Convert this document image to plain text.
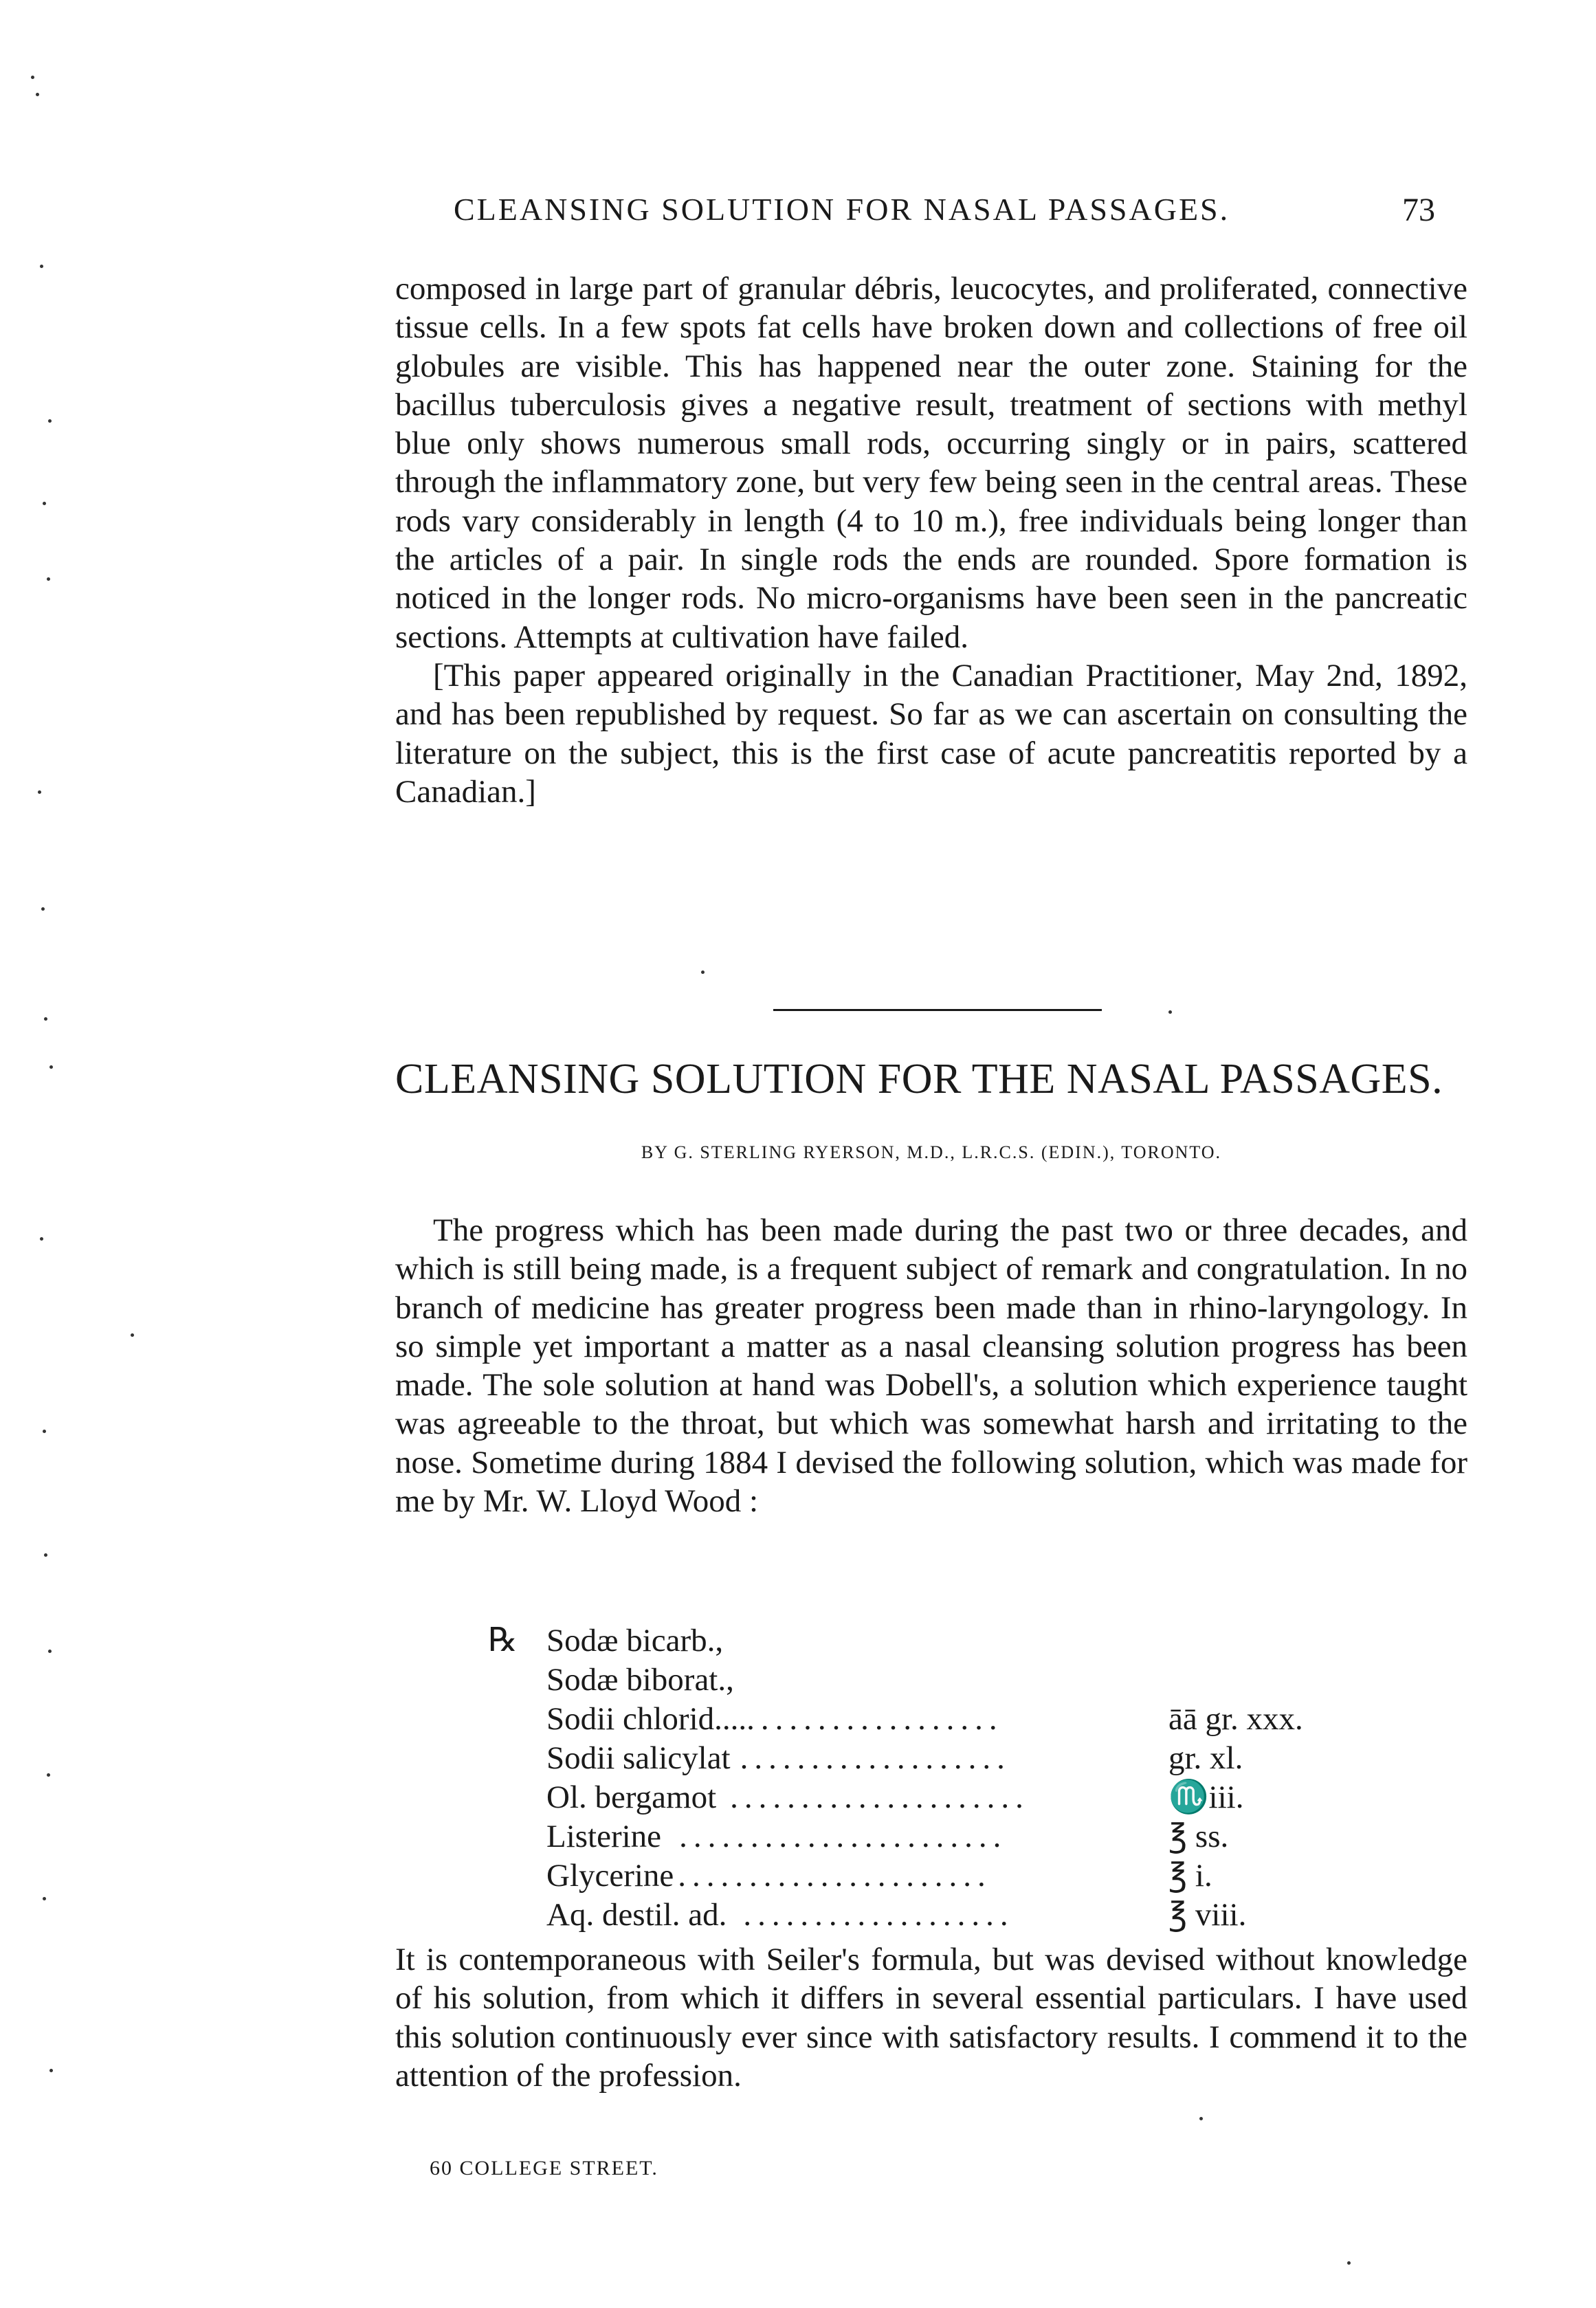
CLEANSING SOLUTION FOR NASAL PASSAGES.	73

composed in large part of granular débris, leucocytes, and proliferated, connective tissue cells. In a few spots fat cells have broken down and collections of free oil globules are visible. This has happened near the outer zone. Staining for the bacillus tuberculosis gives a negative result, treatment of sections with methyl blue only shows numerous small rods, occurring singly or in pairs, scattered through the inflammatory zone, but very few being seen in the central areas. These rods vary considerably in length (4 to 10 m.), free individuals being longer than the articles of a pair. In single rods the ends are rounded. Spore formation is noticed in the longer rods. No micro-organisms have been seen in the pancreatic sections. Attempts at cultivation have failed.

[This paper appeared originally in the Canadian Practitioner, May 2nd, 1892, and has been republished by request. So far as we can ascertain on consulting the literature on the subject, this is the first case of acute pancreatitis reported by a Canadian.]

CLEANSING SOLUTION FOR THE NASAL PASSAGES.
BY G. STERLING RYERSON, M.D., L.R.C.S. (EDIN.), TORONTO.

The progress which has been made during the past two or three decades, and which is still being made, is a frequent subject of remark and congratulation. In no branch of medicine has greater progress been made than in rhino-laryngology. In so simple yet important a matter as a nasal cleansing solution progress has been made. The sole solution at hand was Dobell's, a solution which experience taught was agreeable to the throat, but which was somewhat harsh and irritating to the nose. Sometime during 1884 I devised the following solution, which was made for me by Mr. W. Lloyd Wood :

℞ Sodæ bicarb.,
Sodæ biborat.,
Sodii chlorid.... ..................	āā gr. xxx.
Sodii salicylat ...................	gr. xl.
Ol. bergamot .....................	♏iii.
Listerine .......................	℥ ss.
Glycerine ......................	℥ i.
Aq. destil. ad. ...................	℥ viii.

It is contemporaneous with Seiler's formula, but was devised without knowledge of his solution, from which it differs in several essential particulars. I have used this solution continuously ever since with satisfactory results. I commend it to the attention of the profession.

60 COLLEGE STREET.
